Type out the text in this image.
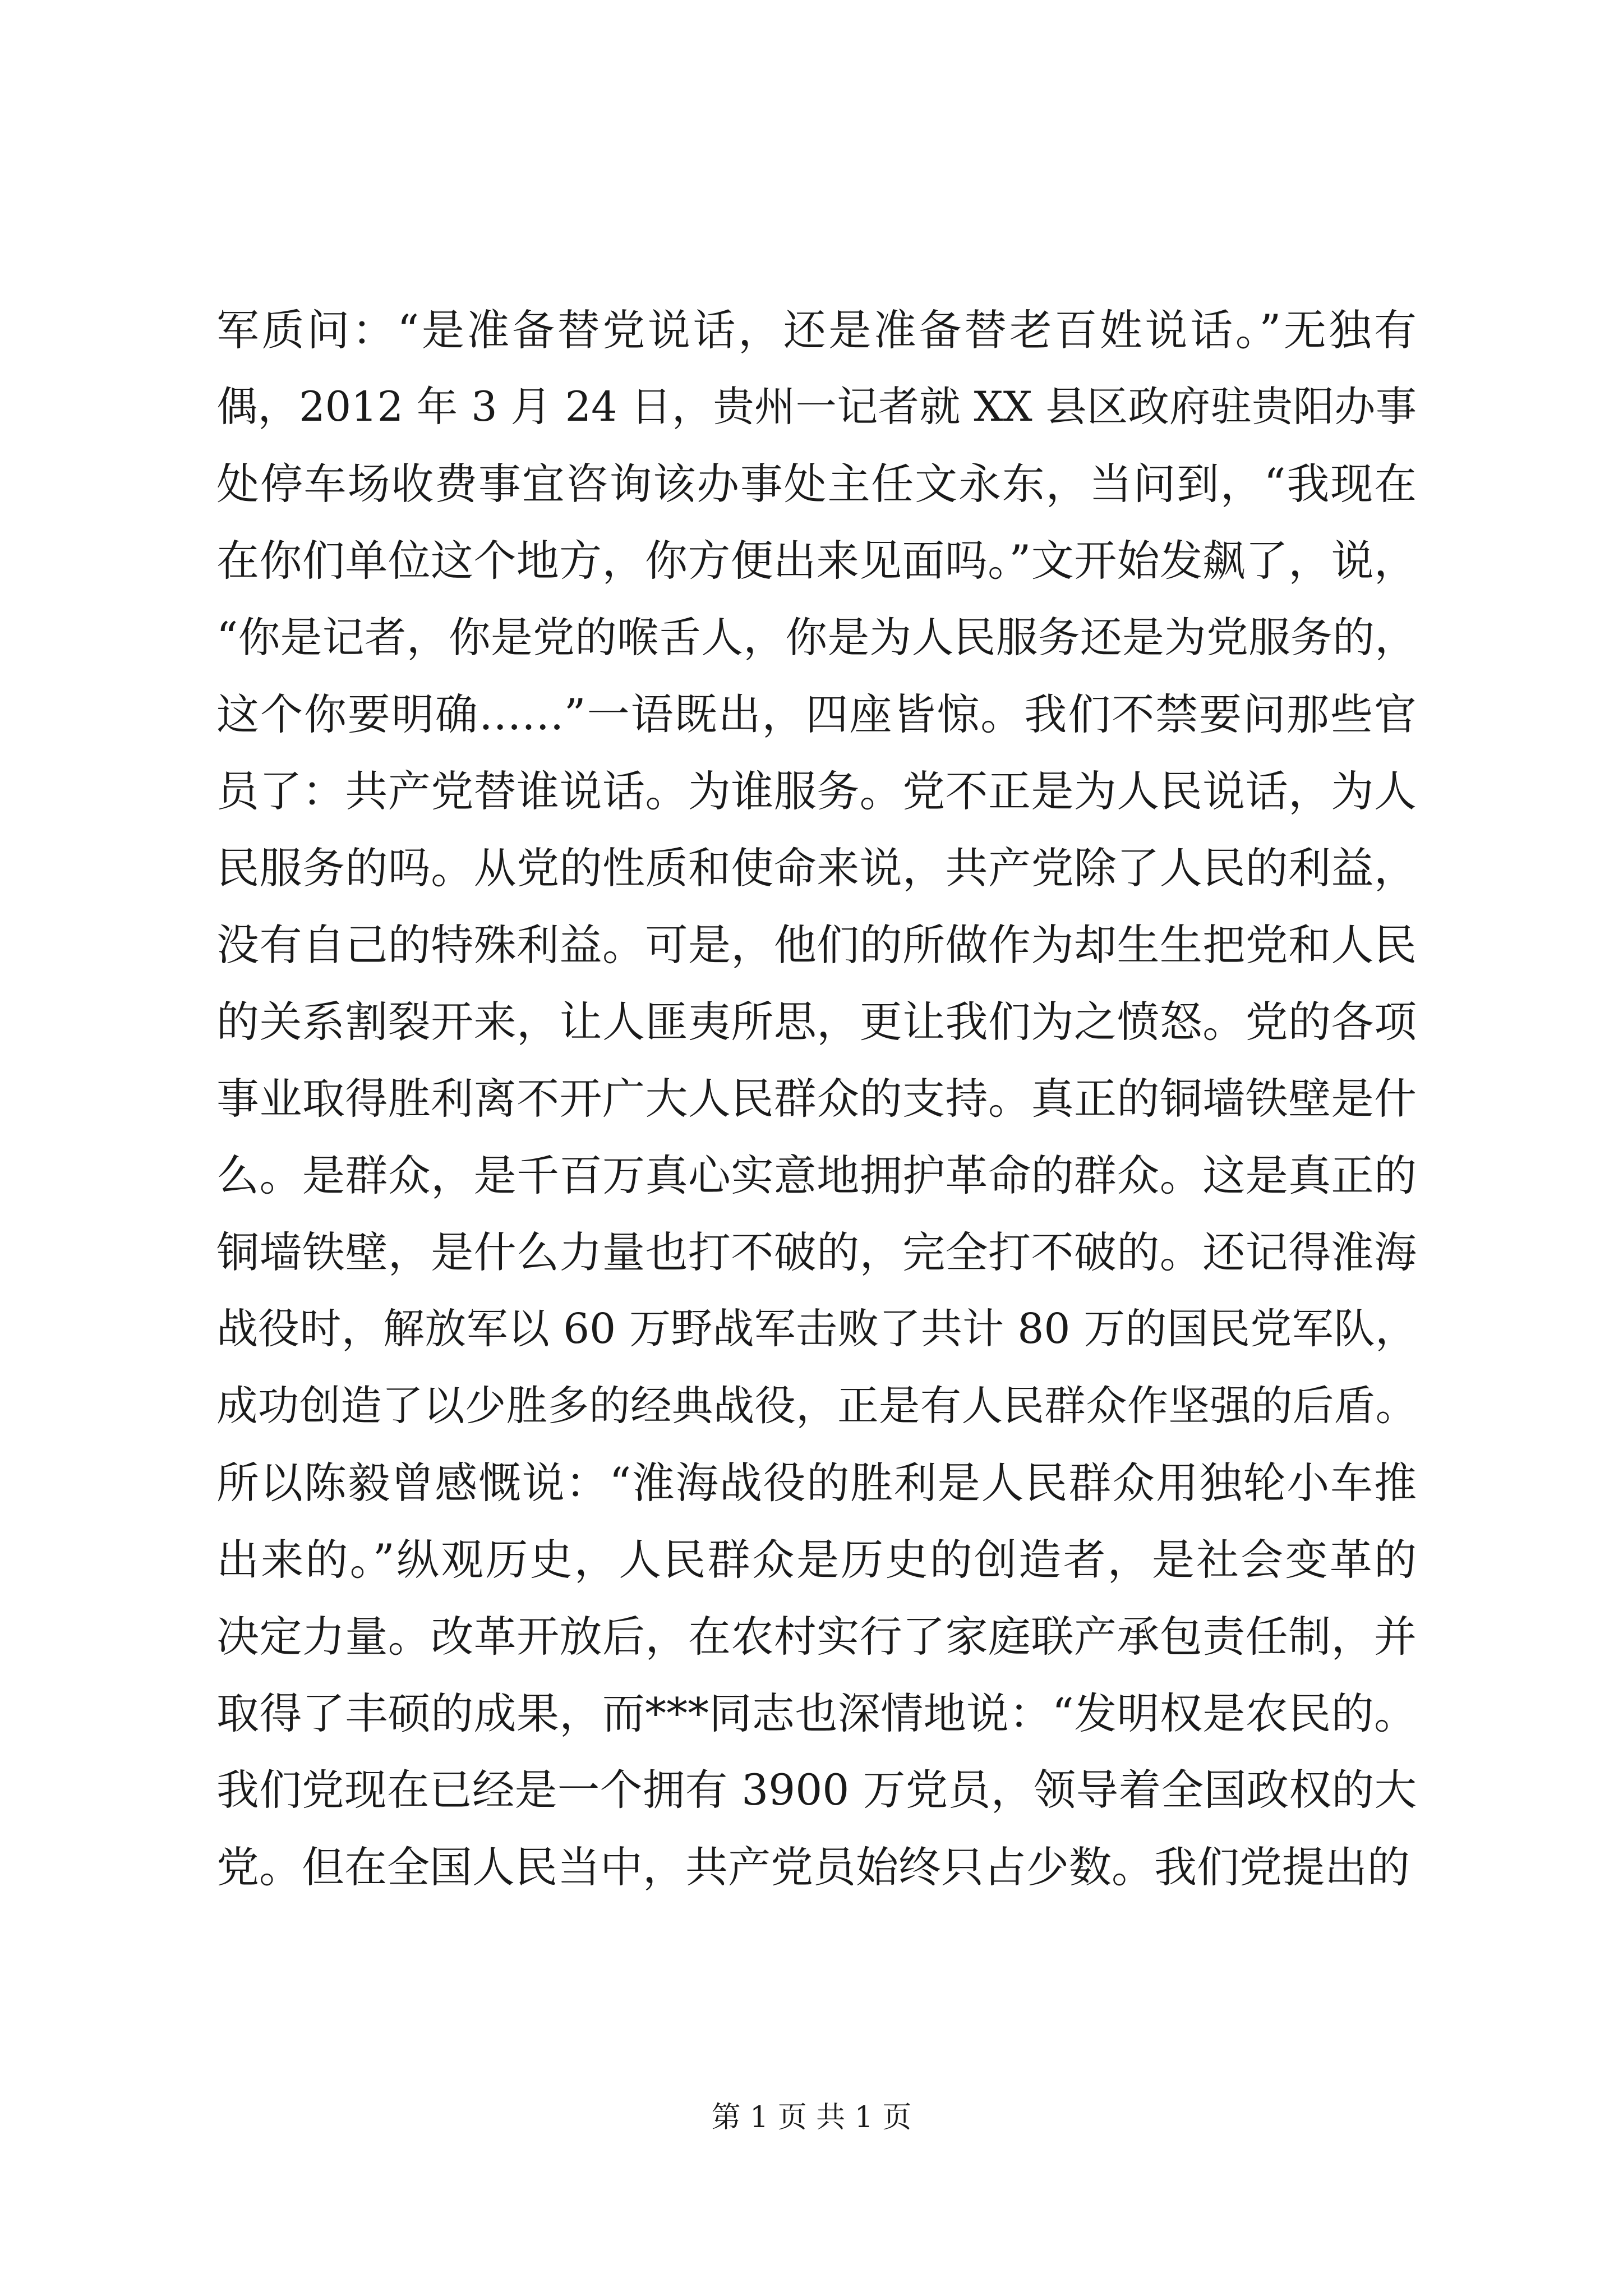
军质问：“是准备替党说话，还是准备替老百姓说话。”无独有
偶，2012 年 3 月 24 日，贵州一记者就 XX 县区政府驻贵阳办事
处停车场收费事宜咨询该办事处主任文永东，当问到，“我现在
在你们单位这个地方，你方便出来见面吗。”文开始发飙了，说，
“你是记者，你是党的喉舌人，你是为人民服务还是为党服务的，
这个你要明确……”一语既出，四座皆惊。我们不禁要问那些官
员了：共产党替谁说话。为谁服务。党不正是为人民说话，为人
民服务的吗。从党的性质和使命来说，共产党除了人民的利益，
没有自己的特殊利益。可是，他们的所做作为却生生把党和人民
的关系割裂开来，让人匪夷所思，更让我们为之愤怒。党的各项
事业取得胜利离不开广大人民群众的支持。真正的铜墙铁壁是什
么。是群众，是千百万真心实意地拥护革命的群众。这是真正的
铜墙铁壁，是什么力量也打不破的，完全打不破的。还记得淮海
战役时，解放军以 60 万野战军击败了共计 80 万的国民党军队，
成功创造了以少胜多的经典战役，正是有人民群众作坚强的后盾。
所以陈毅曾感慨说：“淮海战役的胜利是人民群众用独轮小车推
出来的。”纵观历史，人民群众是历史的创造者，是社会变革的
决定力量。改革开放后，在农村实行了家庭联产承包责任制，并
取得了丰硕的成果，而***同志也深情地说：“发明权是农民的。
我们党现在已经是一个拥有 3900 万党员，领导着全国政权的大
党。但在全国人民当中，共产党员始终只占少数。我们党提出的
第 1 页 共 1 页
